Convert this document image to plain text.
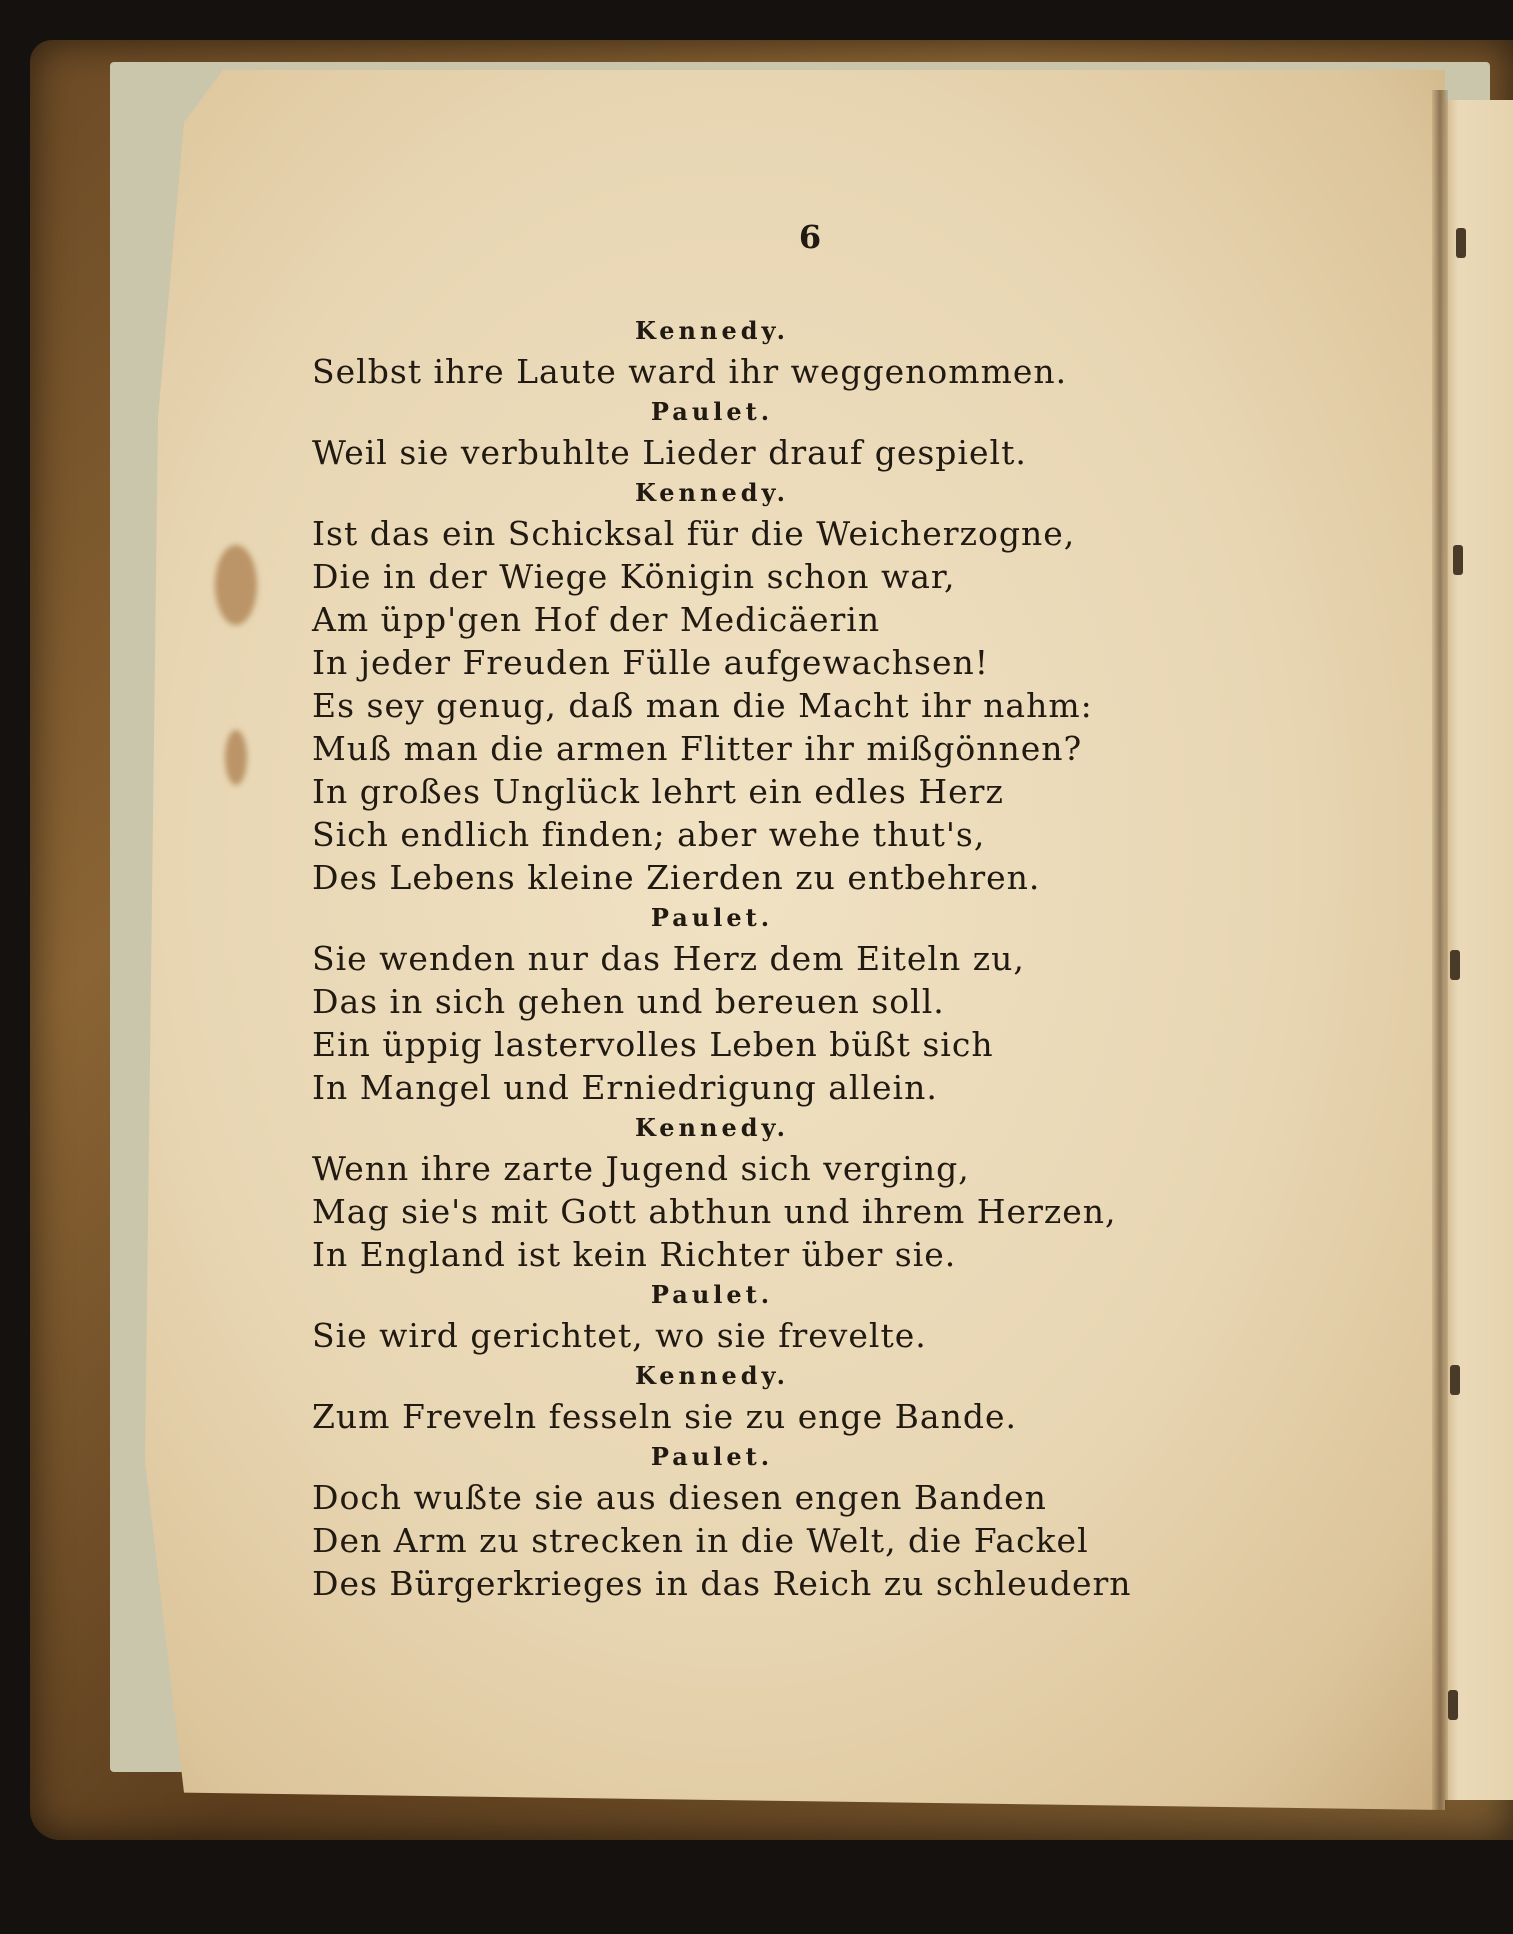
6
Kennedy.
Selbst ihre Laute ward ihr weggenommen.
Paulet.
Weil sie verbuhlte Lieder drauf gespielt.
Kennedy.
Ist das ein Schicksal für die Weicherzogne,
Die in der Wiege Königin schon war,
Am üpp'gen Hof der Medicäerin
In jeder Freuden Fülle aufgewachsen!
Es sey genug, daß man die Macht ihr nahm:
Muß man die armen Flitter ihr mißgönnen?
In großes Unglück lehrt ein edles Herz
Sich endlich finden; aber wehe thut's,
Des Lebens kleine Zierden zu entbehren.
Paulet.
Sie wenden nur das Herz dem Eiteln zu,
Das in sich gehen und bereuen soll.
Ein üppig lastervolles Leben büßt sich
In Mangel und Erniedrigung allein.
Kennedy.
Wenn ihre zarte Jugend sich verging,
Mag sie's mit Gott abthun und ihrem Herzen,
In England ist kein Richter über sie.
Paulet.
Sie wird gerichtet, wo sie frevelte.
Kennedy.
Zum Freveln fesseln sie zu enge Bande.
Paulet.
Doch wußte sie aus diesen engen Banden
Den Arm zu strecken in die Welt, die Fackel
Des Bürgerkrieges in das Reich zu schleudern
